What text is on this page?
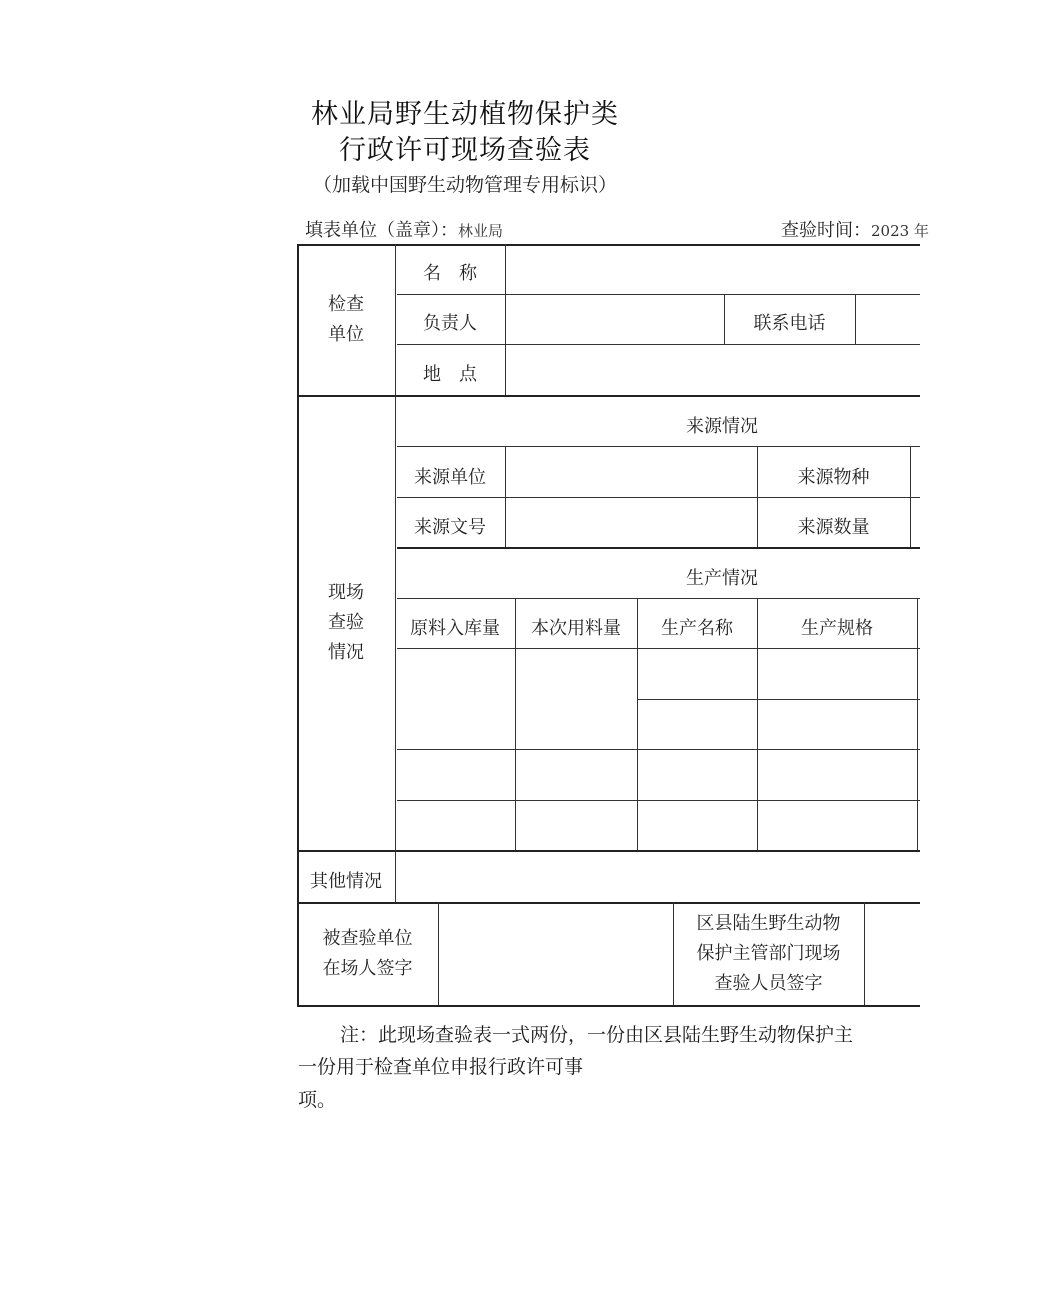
林业局野生动植物保护类
行政许可现场查验表
（加载中国野生动物管理专用标识）
填表单位（盖章）：林业局	查验时间：2023 年
检查
单位
名　称
负责人	联系电话
地　点
现场
查验
情况
来源情况
来源单位	来源物种
来源文号	来源数量
生产情况
原料入库量	本次用料量	生产名称	生产规格
其他情况
被查验单位
在场人签字
区县陆生野生动物
保护主管部门现场
查验人员签字
注：此现场查验表一式两份，一份由区县陆生野生动物保护主
一份用于检查单位申报行政许可事
项。
